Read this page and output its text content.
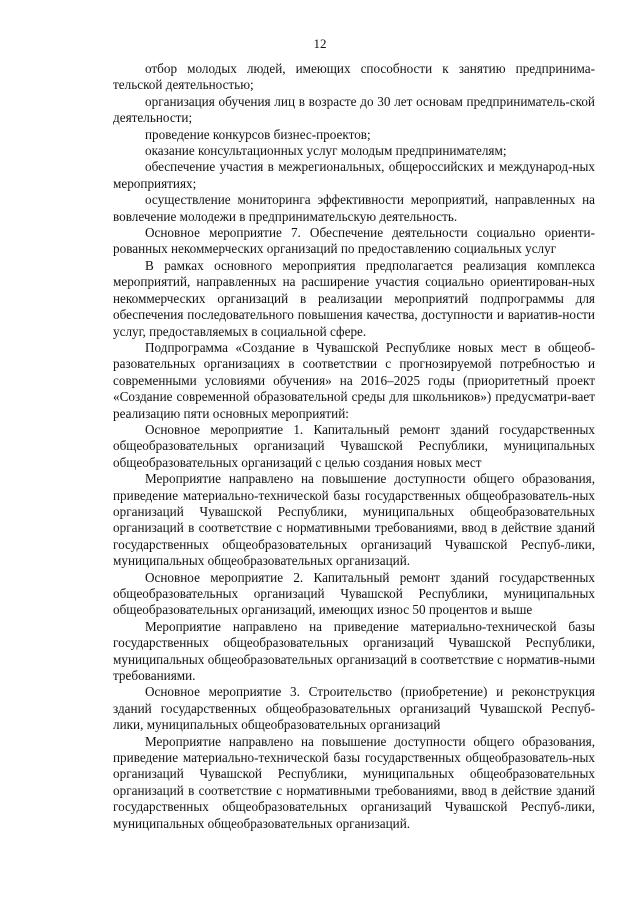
12

отбор молодых людей, имеющих способности к занятию предпринима-тельской деятельностью;

организация обучения лиц в возрасте до 30 лет основам предприниматель-ской деятельности;

проведение конкурсов бизнес-проектов;

оказание консультационных услуг молодым предпринимателям;

обеспечение участия в межрегиональных, общероссийских и международ-ных мероприятиях;

осуществление мониторинга эффективности мероприятий, направленных на вовлечение молодежи в предпринимательскую деятельность.

Основное мероприятие 7. Обеспечение деятельности социально ориенти-рованных некоммерческих организаций по предоставлению социальных услуг

В рамках основного мероприятия предполагается реализация комплекса мероприятий, направленных на расширение участия социально ориентирован-ных некоммерческих организаций в реализации мероприятий подпрограммы для обеспечения последовательного повышения качества, доступности и вариатив-ности услуг, предоставляемых в социальной сфере.

Подпрограмма «Создание в Чувашской Республике новых мест в общеоб-разовательных организациях в соответствии с прогнозируемой потребностью и современными условиями обучения» на 2016–2025 годы (приоритетный проект «Создание современной образовательной среды для школьников») предусматри-вает реализацию пяти основных мероприятий:

Основное мероприятие 1. Капитальный ремонт зданий государственных общеобразовательных организаций Чувашской Республики, муниципальных общеобразовательных организаций с целью создания новых мест

Мероприятие направлено на повышение доступности общего образования, приведение материально-технической базы государственных общеобразователь-ных организаций Чувашской Республики, муниципальных общеобразовательных организаций в соответствие с нормативными требованиями, ввод в действие зданий государственных общеобразовательных организаций Чувашской Респуб-лики, муниципальных общеобразовательных организаций.

Основное мероприятие 2. Капитальный ремонт зданий государственных общеобразовательных организаций Чувашской Республики, муниципальных общеобразовательных организаций, имеющих износ 50 процентов и выше

Мероприятие направлено на приведение материально-технической базы государственных общеобразовательных организаций Чувашской Республики, муниципальных общеобразовательных организаций в соответствие с норматив-ными требованиями.

Основное мероприятие 3. Строительство (приобретение) и реконструкция зданий государственных общеобразовательных организаций Чувашской Респуб-лики, муниципальных общеобразовательных организаций

Мероприятие направлено на повышение доступности общего образования, приведение материально-технической базы государственных общеобразователь-ных организаций Чувашской Республики, муниципальных общеобразовательных организаций в соответствие с нормативными требованиями, ввод в действие зданий государственных общеобразовательных организаций Чувашской Респуб-лики, муниципальных общеобразовательных организаций.
